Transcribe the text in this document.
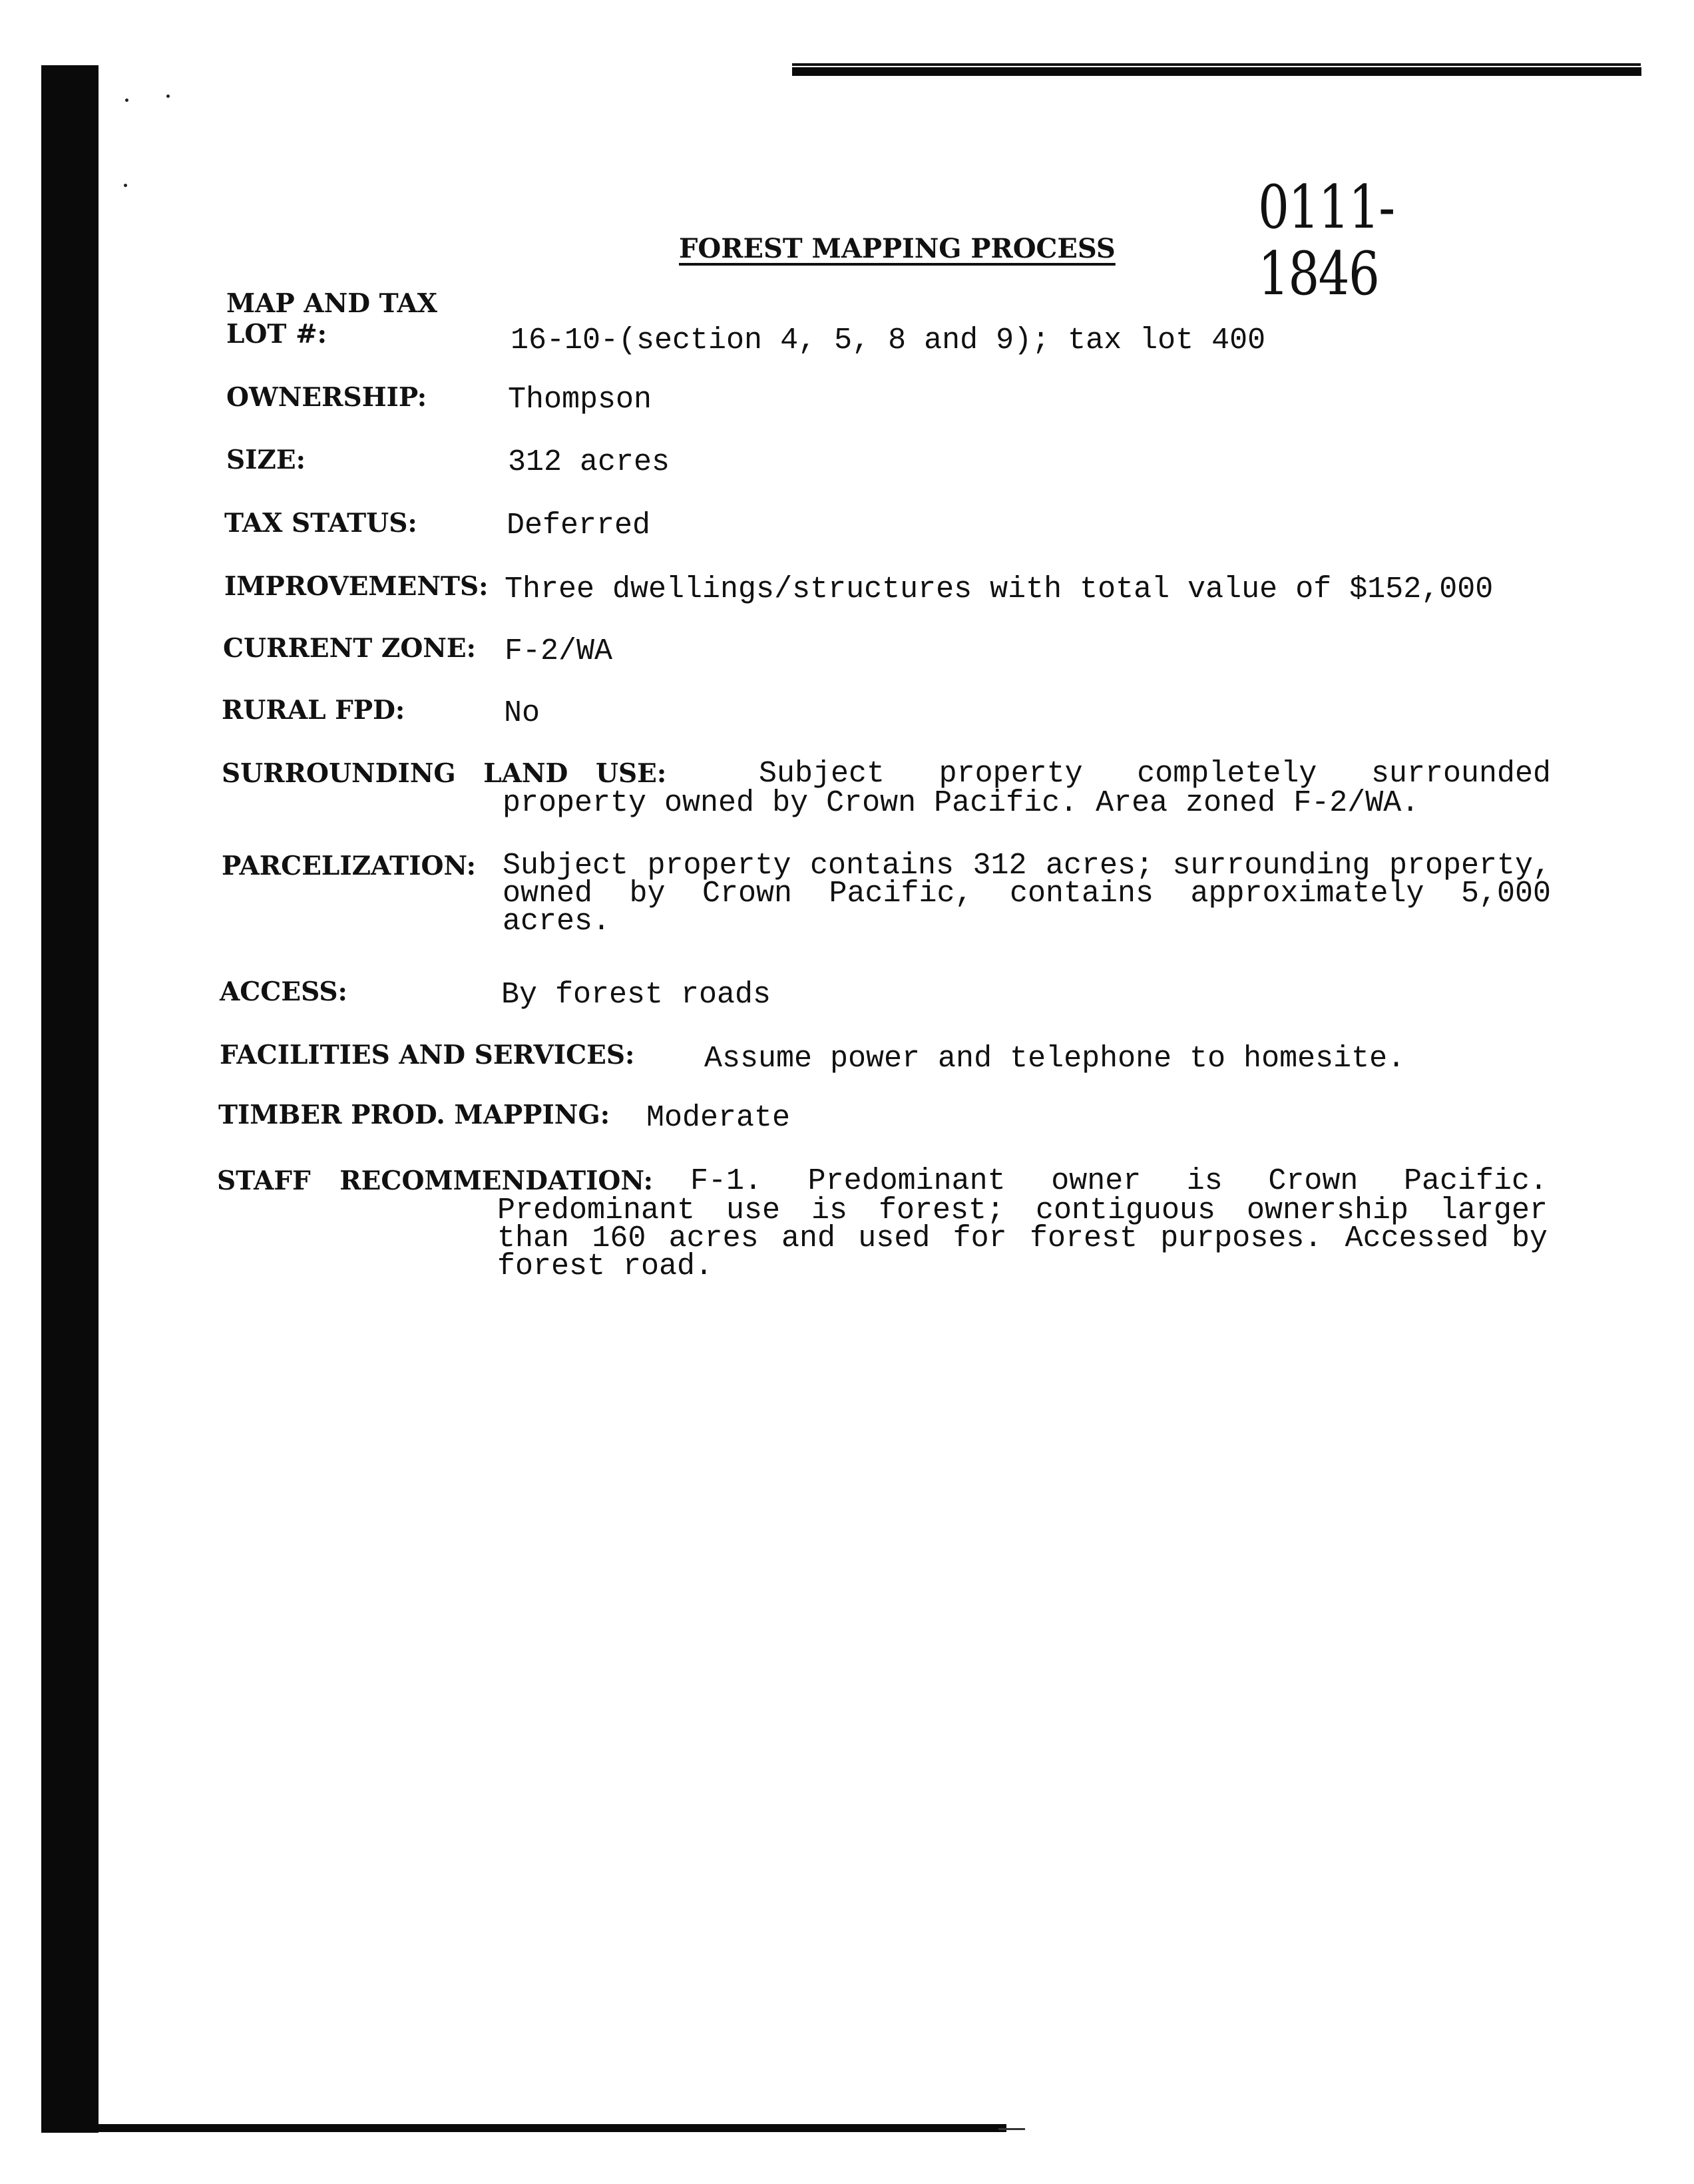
0111-1846
FOREST MAPPING PROCESS
MAP AND TAX
LOT #:	16-10-(section 4, 5, 8 and 9); tax lot 400
OWNERSHIP:	Thompson
SIZE:	312 acres
TAX STATUS:	Deferred
IMPROVEMENTS: Three dwellings/structures with total value of $152,000
CURRENT ZONE: F-2/WA
RURAL FPD:	No
SURROUNDING LAND USE:	Subject property completely surrounded
property owned by Crown Pacific. Area zoned F-2/WA.
PARCELIZATION: Subject property contains 312 acres; surrounding property, owned by Crown Pacific, contains approximately 5,000 acres.
ACCESS:	By forest roads
FACILITIES AND SERVICES: Assume power and telephone to homesite.
TIMBER PROD. MAPPING: Moderate
STAFF RECOMMENDATION: F-1. Predominant owner is Crown Pacific.
Predominant use is forest; contiguous ownership larger than 160 acres and used for forest purposes. Accessed by forest road.
